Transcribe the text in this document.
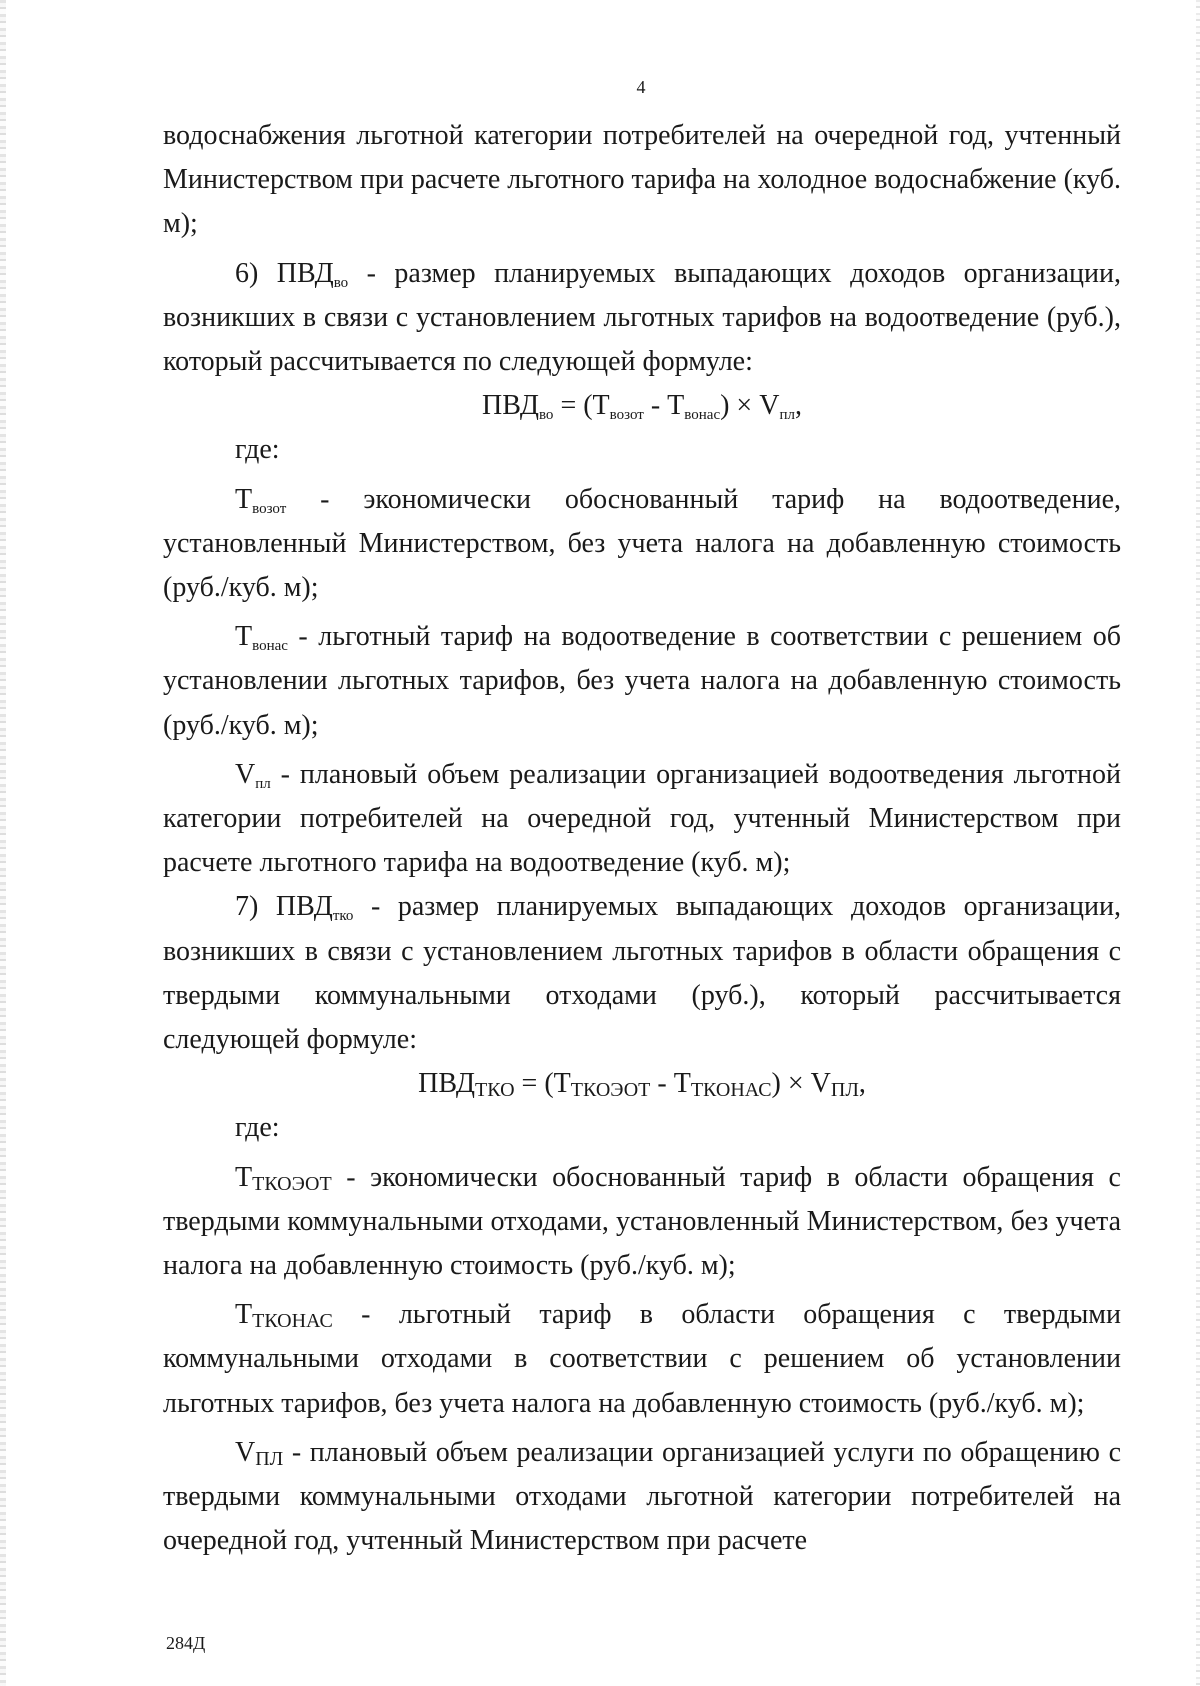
4

водоснабжения льготной категории потребителей на очередной год, учтенный Министерством при расчете льготного тарифа на холодное водоснабжение (куб. м);

6) $ПВД_{во}$ - размер планируемых выпадающих доходов организации, возникших в связи с установлением льготных тарифов на водоотведение (руб.), который рассчитывается по следующей формуле:

$ПВД_{во} = (Т_{возот} - Т_{вонас}) \times V_{пл}$,

где:

$Т_{возот}$ - экономически обоснованный тариф на водоотведение, установленный Министерством, без учета налога на добавленную стоимость (руб./куб. м);

$Т_{вонас}$ - льготный тариф на водоотведение в соответствии с решением об установлении льготных тарифов, без учета налога на добавленную стоимость (руб./куб. м);

$V_{пл}$ - плановый объем реализации организацией водоотведения льготной категории потребителей на очередной год, учтенный Министерством при расчете льготного тарифа на водоотведение (куб. м);

7) $ПВД_{тко}$ - размер планируемых выпадающих доходов организации, возникших в связи с установлением льготных тарифов в области обращения с твердыми коммунальными отходами (руб.), который рассчитывается следующей формуле:

ПВДТКО = (ТТКОЭОТ - ТТКОНАС) × VПЛ,

где:

ТТКОЭОТ - экономически обоснованный тариф в области обращения с твердыми коммунальными отходами, установленный Министерством, без учета налога на добавленную стоимость (руб./куб. м);

ТТКОНАС - льготный тариф в области обращения с твердыми коммунальными отходами в соответствии с решением об установлении льготных тарифов, без учета налога на добавленную стоимость (руб./куб. м);

VПЛ - плановый объем реализации организацией услуги по обращению с твердыми коммунальными отходами льготной категории потребителей на очередной год, учтенный Министерством при расчете

284Д
